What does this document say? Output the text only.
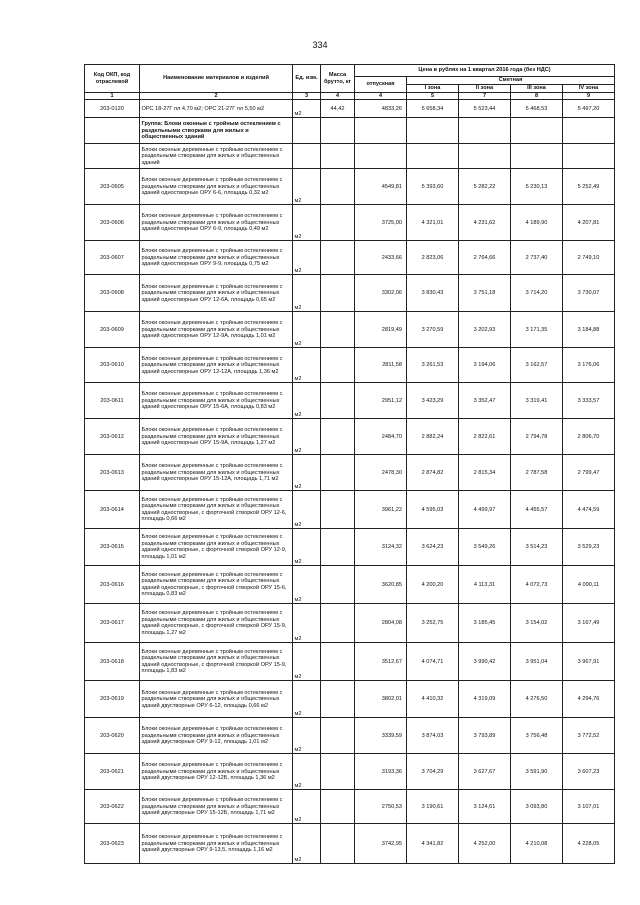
334
Код ОКП, код отраслевой	Наименование материалов и изделий	Ед. изм.	Масса брутто, кг	Цена в рублях на 1 квартал 2016 года (без НДС)				
				отпускная	Сметная			
					I зона	II зона	III зона	IV зона
1	2	3	4	4	5	7	8	9
203-0120	ОРС 18-27Г пл 4,70 м2; ОРС 21-27Г пл 5,50 м2	м2	44,42	4833,26	5 658,34	5 523,44	5 468,53	5 497,20
	Группа: Блоки оконные с тройным остеклением с раздельными створками для жилых и общественных зданий							
	Блоки оконные деревянные с тройным остеклением с раздельными створками для жилых и общественных зданий							
203-0605	Блоки оконные деревянные с тройным остеклением с раздельными створками для жилых и общественных зданий одностворные ОРУ 6-6, площадь 0,32 м2	м2		4549,81	5 393,60	5 282,22	5 230,13	5 252,49
203-0606	Блоки оконные деревянные с тройным остеклением с раздельными створками для жилых и общественных зданий одностворные ОРУ 6-9, площадь 0,49 м2	м2		3725,00	4 321,01	4 231,62	4 189,90	4 207,81
203-0607	Блоки оконные деревянные с тройным остеклением с раздельными створками для жилых и общественных зданий одностворные ОРУ 9-9, площадь 0,75 м2	м2		2433,66	2 823,06	2 764,66	2 737,40	2 749,10
203-0608	Блоки оконные деревянные с тройным остеклением с раздельными створками для жилых и общественных зданий одностворные ОРУ 12-6А, площадь 0,65 м2	м2		3302,06	3 830,43	3 751,18	3 714,20	3 730,07
203-0609	Блоки оконные деревянные с тройным остеклением с раздельными створками для жилых и общественных зданий одностворные ОРУ 12-9А, площадь 1,01 м2	м2		2819,49	3 270,59	3 202,93	3 171,35	3 184,88
203-0610	Блоки оконные деревянные с тройным остеклением с раздельными створками для жилых и общественных зданий одностворные ОРУ 12-12А, площадь 1,36 м2	м2		2811,58	3 261,53	3 194,06	3 162,57	3 176,06
203-0611	Блоки оконные деревянные с тройным остеклением с раздельными створками для жилых и общественных зданий одностворные ОРУ 15-6А, площадь 0,83 м2	м2		2951,12	3 423,29	3 352,47	3 319,41	3 333,57
203-0612	Блоки оконные деревянные с тройным остеклением с раздельными створками для жилых и общественных зданий одностворные ОРУ 15-9А, площадь 1,27 м2	м2		2484,70	2 882,24	2 822,61	2 794,78	2 806,70
203-0613	Блоки оконные деревянные с тройным остеклением с раздельными створками для жилых и общественных зданий одностворные ОРУ 15-12А, площадь 1,71 м2	м2		2478,30	2 874,82	2 815,34	2 787,58	2 799,47
203-0614	Блоки оконные деревянные с тройным остеклением с раздельными створками для жилых и общественных зданий одностворные, с форточной створкой ОРУ 12-6, площадь 0,66 м2	м2		3961,22	4 595,03	4 499,97	4 455,57	4 474,59
203-0615	Блоки оконные деревянные с тройным остеклением с раздельными створками для жилых и общественных зданий одностворные, с форточной створкой ОРУ 12-9, площадь 1,01 м2	м2		3124,32	3 624,23	3 549,26	3 514,23	3 529,23
203-0616	Блоки оконные деревянные с тройным остеклением с раздельными створками для жилых и общественных зданий одностворные, с форточной створкой ОРУ 15-6, площадь 0,83 м2	м2		3620,85	4 200,20	4 113,31	4 072,73	4 090,11
203-0617	Блоки оконные деревянные с тройным остеклением с раздельными створками для жилых и общественных зданий одностворные, с форточной створкой ОРУ 15-9, площадь 1,27 м2	м2		2804,08	3 252,75	3 185,45	3 154,02	3 167,49
203-0618	Блоки оконные деревянные с тройным остеклением с раздельными створками для жилых и общественных зданий одностворные, с форточной створкой ОРУ 15-9, площадь 1,83 м2	м2		3512,67	4 074,71	3 990,42	3 951,04	3 967,91
203-0619	Блоки оконные деревянные с тройным остеклением с раздельными створками для жилых и общественных зданий двустворные ОРУ 6-12, площадь 0,66 м2	м2		3802,01	4 410,32	4 319,09	4 276,50	4 294,76
203-0620	Блоки оконные деревянные с тройным остеклением с раздельными створками для жилых и общественных зданий двустворные ОРУ 9-12, площадь 1,01 м2	м2		3339,59	3 874,03	3 793,89	3 756,48	3 772,52
203-0621	Блоки оконные деревянные с тройным остеклением с раздельными створками для жилых и общественных зданий двустворные ОРУ 12-12Б, площадь 1,36 м2	м2		3193,36	3 704,29	3 627,67	3 591,90	3 607,23
203-0622	Блоки оконные деревянные с тройным остеклением с раздельными створками для жилых и общественных зданий двустворные ОРУ 15-12Б, площадь 1,71 м2	м2		2750,53	3 190,61	3 124,61	3 093,80	3 107,01
203-0623	Блоки оконные деревянные с тройным остеклением с раздельными створками для жилых и общественных зданий двустворные ОРУ 9-13,5, площадь 1,16 м2	м2		3742,95	4 341,82	4 252,00	4 210,08	4 228,05
